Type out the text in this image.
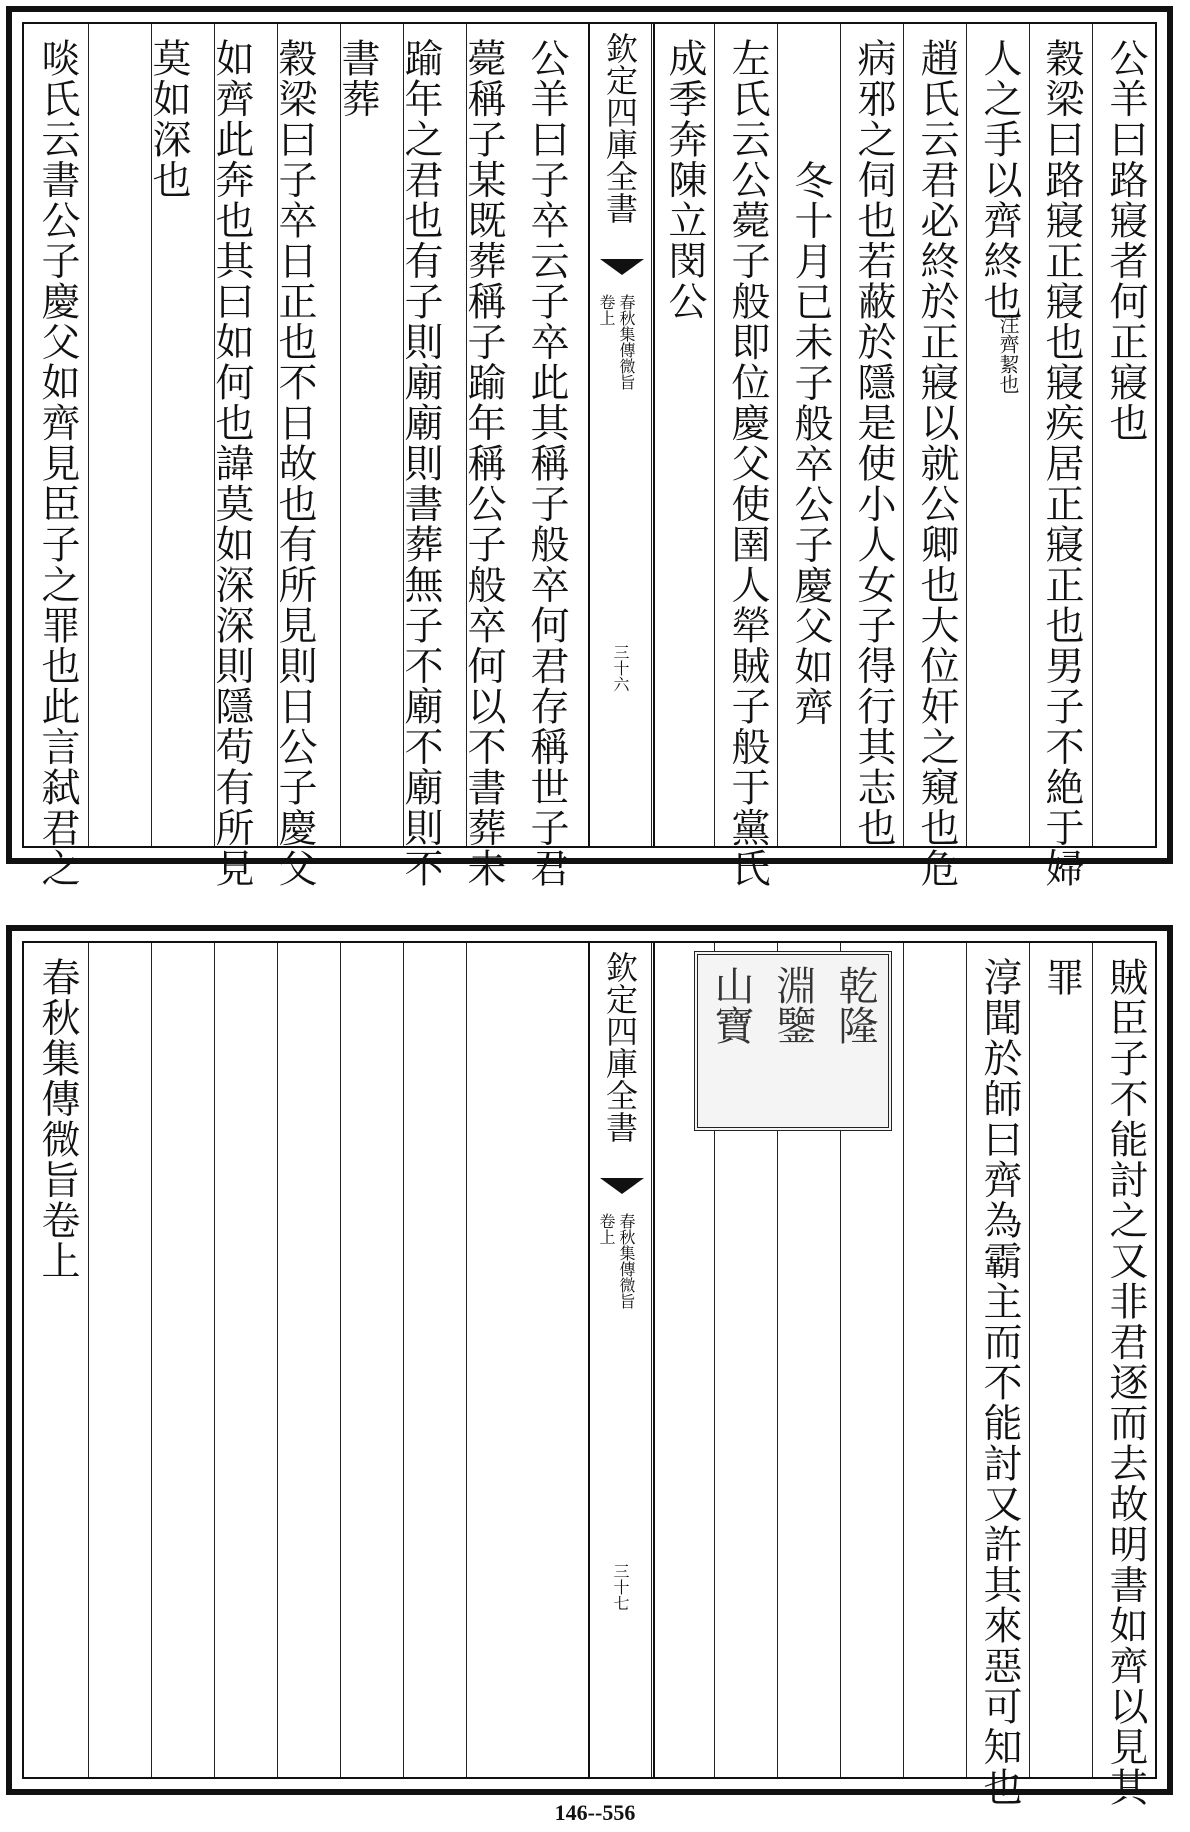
公羊曰路寢者何正寢也
穀梁曰路寢正寢也寢疾居正寢正也男子不絶于婦
人之手以齊終也
注齊絜也
趙氏云君必終於正寢以就公卿也大位奸之窺也危
病邪之伺也若蔽於隱是使小人女子得行其志也
冬十月已未子般卒公子慶父如齊
左氏云公薨子般即位慶父使圉人犖賊子般于黨氏
成季奔陳立閔公
欽定四庫全書
春秋集傳微旨
卷上
三十六
公羊曰子卒云子卒此其稱子般卒何君存稱世子君
薨稱子某既葬稱子踰年稱公子般卒何以不書葬未
踰年之君也有子則廟廟則書葬無子不廟不廟則不
書葬
穀梁曰子卒日正也不日故也有所見則日公子慶父
如齊此奔也其曰如何也諱莫如深深則隱苟有所見
莫如深也
啖氏云書公子慶父如齊見臣子之罪也此言弑君之
賊臣子不能討之又非君逐而去故明書如齊以見其
罪
淳聞於師曰齊為霸主而不能討又許其來惡可知也
乾隆
淵鑒
山寶
欽定四庫全書
春秋集傳微旨
卷上
三十七
春秋集傳微旨卷上
146--556
